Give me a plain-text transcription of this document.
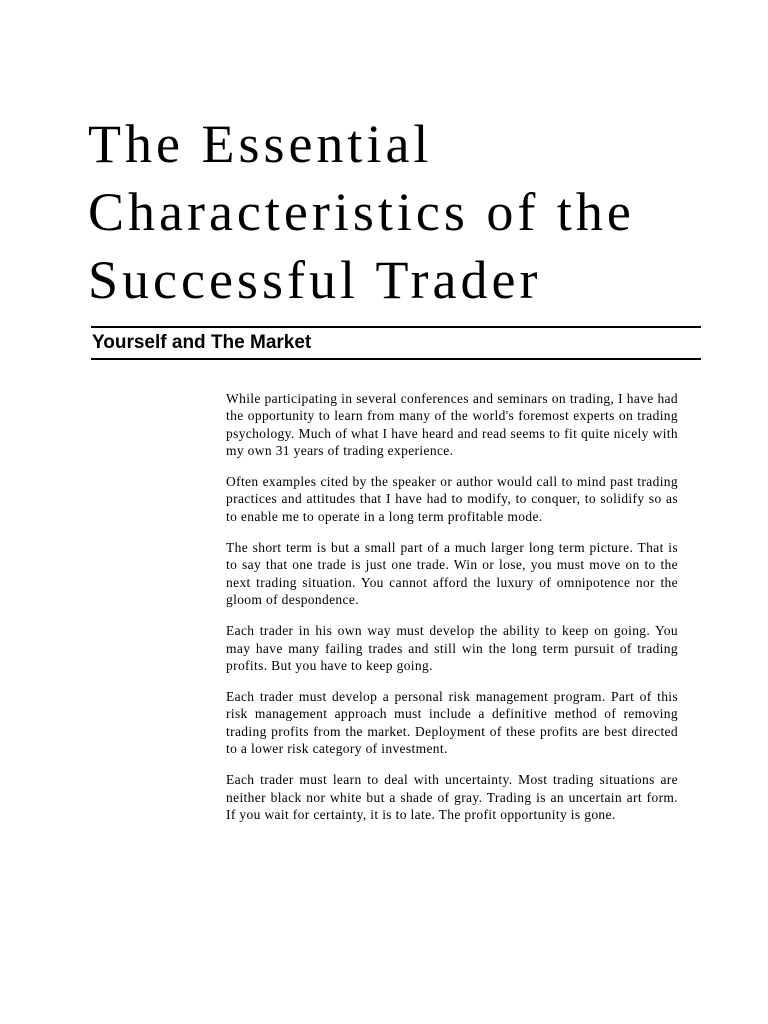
The Essential
Characteristics of the
Successful Trader
Yourself and The Market

While participating in several conferences and seminars on trading, I have had the opportunity to learn from many of the world's foremost experts on trading psychology. Much of what I have heard and read seems to fit quite nicely with my own 31 years of trading experience.

Often examples cited by the speaker or author would call to mind past trading practices and attitudes that I have had to modify, to conquer, to solidify so as to enable me to operate in a long term profitable mode.

The short term is but a small part of a much larger long term picture. That is to say that one trade is just one trade. Win or lose, you must move on to the next trading situation. You cannot afford the luxury of omnipotence nor the gloom of despondence.

Each trader in his own way must develop the ability to keep on going. You may have many failing trades and still win the long term pursuit of trading profits. But you have to keep going.

Each trader must develop a personal risk management program. Part of this risk management approach must include a definitive method of removing trading profits from the market. Deployment of these profits are best directed to a lower risk category of investment.

Each trader must learn to deal with uncertainty. Most trading situations are neither black nor white but a shade of gray. Trading is an uncertain art form. If you wait for certainty, it is to late. The profit opportunity is gone.
